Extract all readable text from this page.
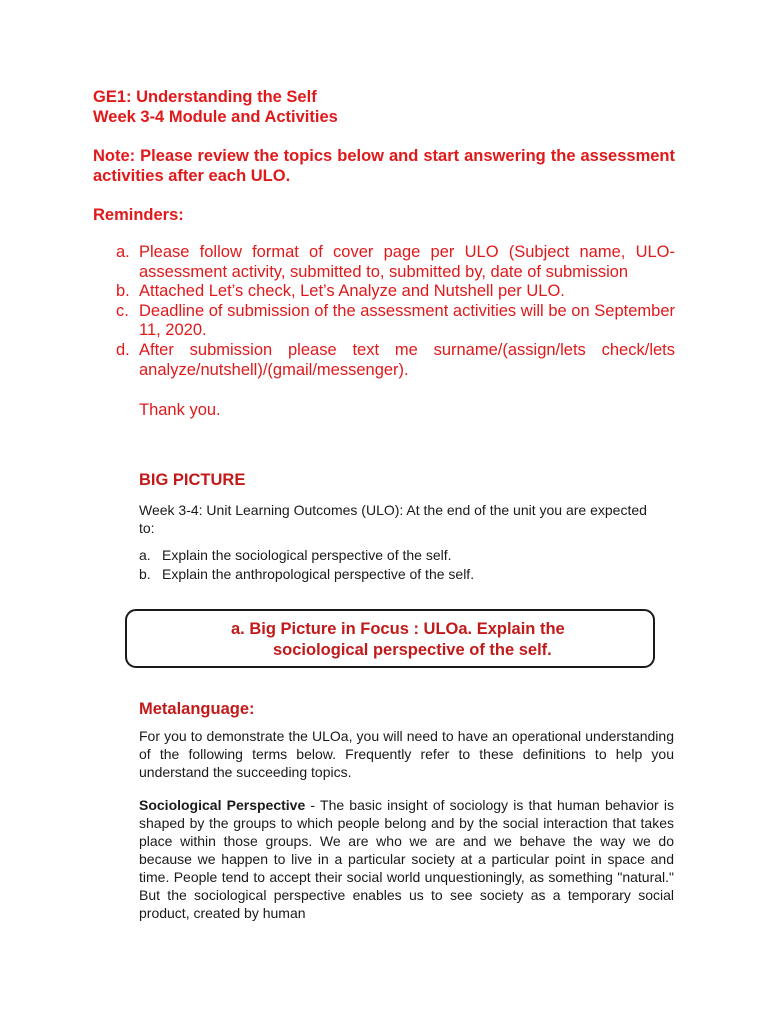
GE1: Understanding the Self
Week 3-4 Module and Activities
Note: Please review the topics below and start answering the assessment activities after each ULO.
Reminders:
a. Please follow format of cover page per ULO (Subject name, ULO-assessment activity, submitted to, submitted by, date of submission
b. Attached Let’s check, Let’s Analyze and Nutshell per ULO.
c. Deadline of submission of the assessment activities will be on September 11, 2020.
d. After submission please text me surname/(assign/lets check/lets analyze/nutshell)/(gmail/messenger).
Thank you.
BIG PICTURE
Week 3-4: Unit Learning Outcomes (ULO): At the end of the unit you are expected to:
a. Explain the sociological perspective of the self.
b. Explain the anthropological perspective of the self.
a. Big Picture in Focus : ULOa. Explain the
sociological perspective of the self.
Metalanguage:

For you to demonstrate the ULOa, you will need to have an operational understanding of the following terms below. Frequently refer to these definitions to help you understand the succeeding topics.

Sociological Perspective - The basic insight of sociology is that human behavior is shaped by the groups to which people belong and by the social interaction that takes place within those groups. We are who we are and we behave the way we do because we happen to live in a particular society at a particular point in space and time. People tend to accept their social world unquestioningly, as something "natural." But the sociological perspective enables us to see society as a temporary social product, created by human
